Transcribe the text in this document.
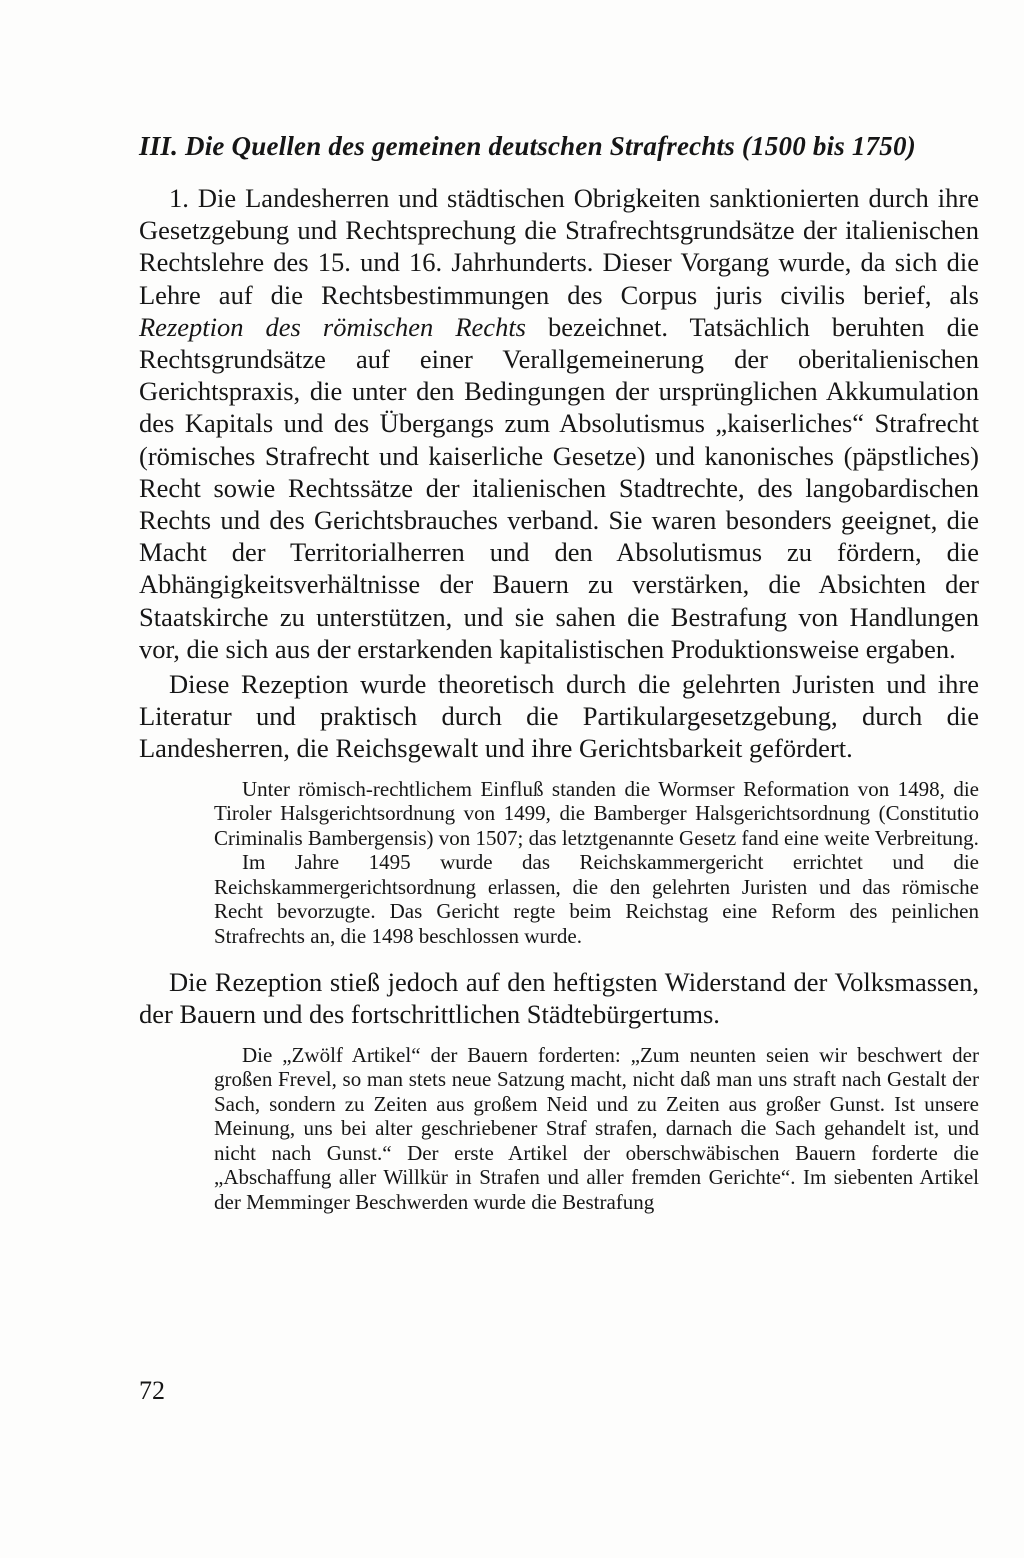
III. Die Quellen des gemeinen deutschen Strafrechts (1500 bis 1750)

1. Die Landesherren und städtischen Obrigkeiten sanktionierten durch ihre Gesetzgebung und Rechtsprechung die Strafrechtsgrundsätze der italienischen Rechtslehre des 15. und 16. Jahrhunderts. Dieser Vorgang wurde, da sich die Lehre auf die Rechtsbestimmungen des Corpus juris civilis berief, als Rezeption des römischen Rechts bezeichnet. Tatsächlich beruhten die Rechtsgrundsätze auf einer Verallgemeinerung der oberitalienischen Gerichtspraxis, die unter den Bedingungen der ursprünglichen Akkumulation des Kapitals und des Übergangs zum Absolutismus „kaiserliches“ Strafrecht (römisches Strafrecht und kaiserliche Gesetze) und kanonisches (päpstliches) Recht sowie Rechtssätze der italienischen Stadtrechte, des langobardischen Rechts und des Gerichtsbrauches verband. Sie waren besonders geeignet, die Macht der Territorialherren und den Absolutismus zu fördern, die Abhängigkeitsverhältnisse der Bauern zu verstärken, die Absichten der Staatskirche zu unterstützen, und sie sahen die Bestrafung von Handlungen vor, die sich aus der erstarkenden kapitalistischen Produktionsweise ergaben.

Diese Rezeption wurde theoretisch durch die gelehrten Juristen und ihre Literatur und praktisch durch die Partikulargesetzgebung, durch die Landesherren, die Reichsgewalt und ihre Gerichtsbarkeit gefördert.

Unter römisch-rechtlichem Einfluß standen die Wormser Reformation von 1498, die Tiroler Halsgerichtsordnung von 1499, die Bamberger Halsgerichtsordnung (Constitutio Criminalis Bambergensis) von 1507; das letztgenannte Gesetz fand eine weite Verbreitung.

Im Jahre 1495 wurde das Reichskammergericht errichtet und die Reichskammergerichtsordnung erlassen, die den gelehrten Juristen und das römische Recht bevorzugte. Das Gericht regte beim Reichstag eine Reform des peinlichen Strafrechts an, die 1498 beschlossen wurde.

Die Rezeption stieß jedoch auf den heftigsten Widerstand der Volksmassen, der Bauern und des fortschrittlichen Städtebürgertums.

Die „Zwölf Artikel“ der Bauern forderten: „Zum neunten seien wir beschwert der großen Frevel, so man stets neue Satzung macht, nicht daß man uns straft nach Gestalt der Sach, sondern zu Zeiten aus großem Neid und zu Zeiten aus großer Gunst. Ist unsere Meinung, uns bei alter geschriebener Straf strafen, darnach die Sach gehandelt ist, und nicht nach Gunst.“ Der erste Artikel der oberschwäbischen Bauern forderte die „Abschaffung aller Willkür in Strafen und aller fremden Gerichte“. Im siebenten Artikel der Memminger Beschwerden wurde die Bestrafung

72
